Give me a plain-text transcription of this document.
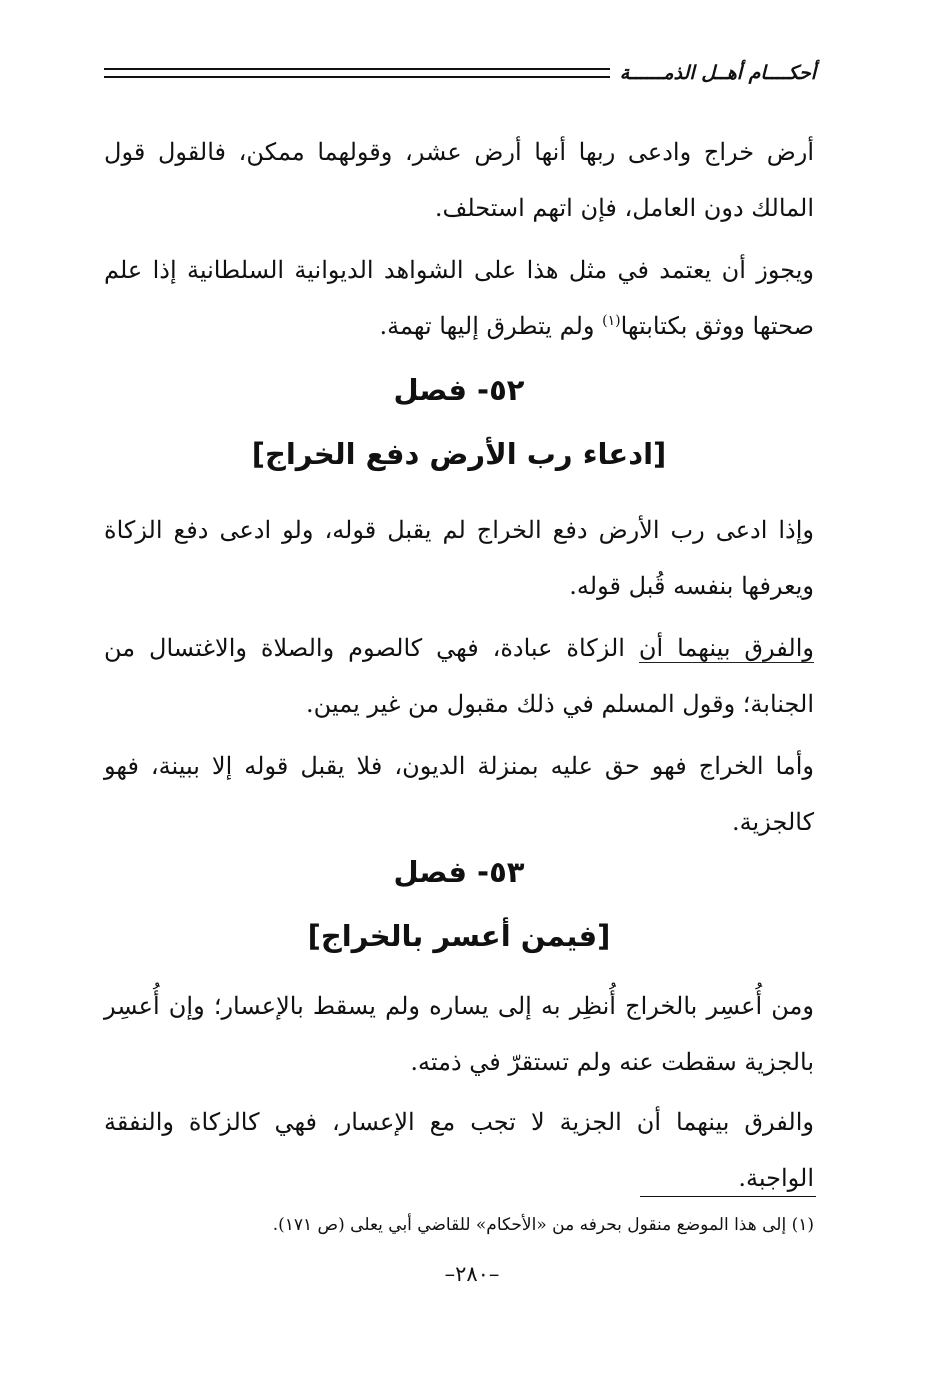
أحكــــام أهــل الذمــــــة

أرض خراج وادعى ربها أنها أرض عشر، وقولهما ممكن، فالقول قول المالك دون العامل، فإن اتهم استحلف.

ويجوز أن يعتمد في مثل هذا على الشواهد الديوانية السلطانية إذا علم صحتها ووثق بكتابتها$^{(١)}$ ولم يتطرق إليها تهمة.

٥٢- فصل
[ادعاء رب الأرض دفع الخراج]

وإذا ادعى رب الأرض دفع الخراج لم يقبل قوله، ولو ادعى دفع الزكاة ويعرفها بنفسه قُبل قوله.

والفرق بينهما أن الزكاة عبادة، فهي كالصوم والصلاة والاغتسال من الجنابة؛ وقول المسلم في ذلك مقبول من غير يمين.

وأما الخراج فهو حق عليه بمنزلة الديون، فلا يقبل قوله إلا ببينة، فهو كالجزية.

٥٣- فصل
[فيمن أعسر بالخراج]

ومن أُعسِر بالخراج أُنظِر به إلى يساره ولم يسقط بالإعسار؛ وإن أُعسِر بالجزية سقطت عنه ولم تستقرّ في ذمته.

والفرق بينهما أن الجزية لا تجب مع الإعسار، فهي كالزكاة والنفقة الواجبة.

(١) إلى هذا الموضع منقول بحرفه من «الأحكام» للقاضي أبي يعلى (ص ١٧١).
–٢٨٠–
